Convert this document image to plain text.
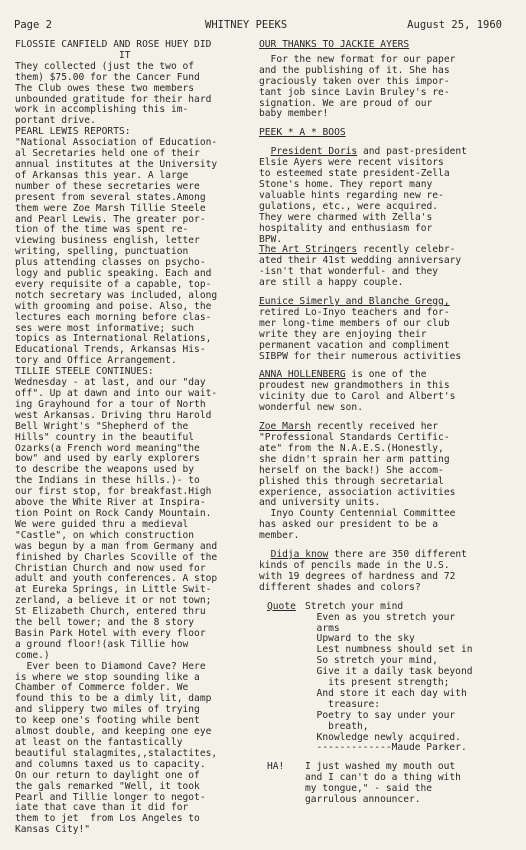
Page 2	WHITNEY PEEKS	August 25, 1960
FLOSSIE CANFIELD AND ROSE HUEY DID
IT
They collected (just the two of
them) $75.00 for the Cancer Fund
The Club owes these two members
unbounded gratitude for their hard
work in accomplishing this im-
portant drive.
PEARL LEWIS REPORTS:
"National Association of Education-
al Secretaries held one of their
annual institutes at the University
of Arkansas this year. A large
number of these secretaries were
present from several states.Among
them were Zoe Marsh Tillie Steele
and Pearl Lewis. The greater por-
tion of the time was spent re-
viewing business english, letter
writing, spelling, punctuation
plus attending classes on psycho-
logy and public speaking. Each and
every requisite of a capable, top-
notch secretary was included, along
with grooming and poise. Also, the
lectures each morning before clas-
ses were most informative; such
topics as International Relations,
Educational Trends, Arkansas His-
tory and Office Arrangement.
TILLIE STEELE CONTINUES:
Wednesday - at last, and our "day
off". Up at dawn and into our wait-
ing Grayhound for a tour of North
west Arkansas. Driving thru Harold
Bell Wright's "Shepherd of the
Hills" country in the beautiful
Ozarks(a French word meaning"the
bow" and used by early explorers
to describe the weapons used by
the Indians in these hills.)- to
our first stop, for breakfast.High
above the White River at Inspira-
tion Point on Rock Candy Mountain.
We were guided thru a medieval
"Castle", on which construction
was begun by a man from Germany and
finished by Charles Scoville of the
Christian Church and now used for
adult and youth conferences. A stop
at Eureka Springs, in Little Swit-
zerland, a believe it or not town;
St Elizabeth Church, entered thru
the bell tower; and the 8 story
Basin Park Hotel with every floor
a ground floor!(ask Tillie how
come.)
Ever been to Diamond Cave? Here
is where we stop sounding like a
Chamber of Commerce folder. We
found this to be a dimly lit, damp
and slippery two miles of trying
to keep one's footing while bent
almost double, and keeping one eye
at least on the fantastically
beautiful stalagmites,,stalactites,
and columns taxed us to capacity.
On our return to daylight one of
the gals remarked "Well, it took
Pearl and Tillie longer to negot-
iate that cave than it did for
them to jet  from Los Angeles to
Kansas City!"
OUR THANKS TO JACKIE AYERS
For the new format for our paper
and the publishing of it. She has
graciously taken over this impor-
tant job since Lavin Bruley's re-
signation. We are proud of our
baby member!
PEEK * A * BOOS
President Doris and past-president
Elsie Ayers were recent visitors
to esteemed state president-Zella
Stone's home. They report many
valuable hints regarding new re-
gulations, etc., were acquired.
They were charmed with Zella's
hospitality and enthusiasm for
BPW.
The Art Stringers recently celebr-
ated their 41st wedding anniversary
-isn't that wonderful- and they
are still a happy couple.
Eunice Simerly and Blanche Gregg,
retired Lo-Inyo teachers and for-
mer long-time members of our club
write they are enjoying their
permanent vacation and compliment
SIBPW for their numerous activities
ANNA HOLLENBERG is one of the
proudest new grandmothers in this
vicinity due to Carol and Albert's
wonderful new son.
Zoe Marsh recently received her
"Professional Standards Certific-
ate" from the N.A.E.S.(Honestly,
she didn't sprain her arm patting
herself on the back!) She accom-
plished this through secretarial
experience, association activities
and university units.
Inyo County Centennial Committee
has asked our president to be a
member.
Didja know there are 350 different
kinds of pencils made in the U.S.
with 19 degrees of hardness and 72
different shades and colors?
Quote Stretch your mind
Even as you stretch your
arms
Upward to the sky
Lest numbness should set in
So stretch your mind,
Give it a daily task beyond
its present strength;
And store it each day with
treasure:
Poetry to say under your
breath,
Knowledge newly acquired.
-------------Maude Parker.
HA!	I just washed my mouth out
and I can't do a thing with
my tongue," - said the
garrulous announcer.
